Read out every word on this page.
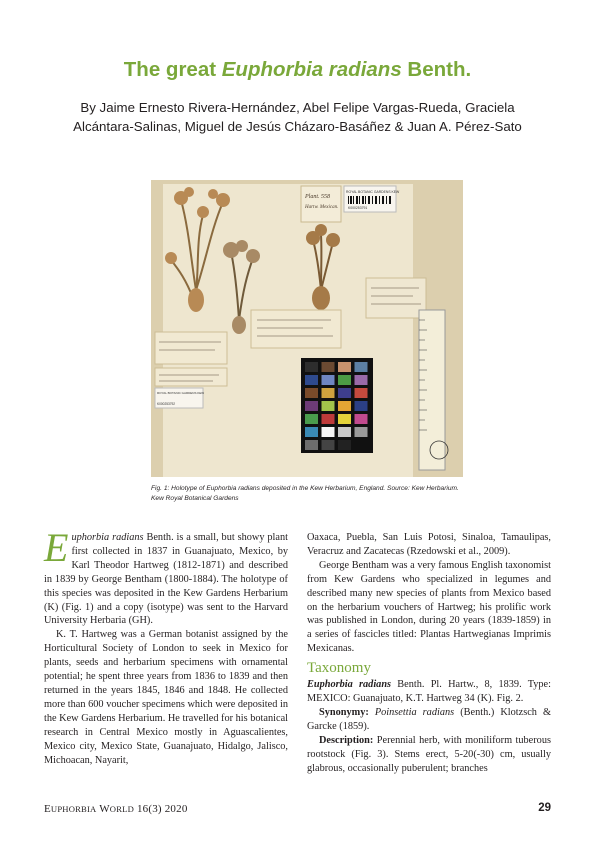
The great Euphorbia radians Benth.
By Jaime Ernesto Rivera-Hernández, Abel Felipe Vargas-Rueda, Graciela Alcántara-Salinas, Miguel de Jesús Cházaro-Basáñez & Juan A. Pérez-Sato
Plant. 558
Hartw. Mexican.
ROYAL BOTANIC GARDENS KEW
K000253791
ROYAL BOTANIC GARDENS KEW
K000253792
Fig. 1: Holotype of Euphorbia radians deposited in the Kew Herbarium, England. Source: Kew Herbarium. Kew Royal Botanical Gardens

Euphorbia radians Benth. is a small, but showy plant first collected in 1837 in Guanajuato, Mexico, by Karl Theodor Hartweg (1812-1871) and described in 1839 by George Bentham (1800-1884). The holotype of this species was deposited in the Kew Gardens Herbarium (K) (Fig. 1) and a copy (isotype) was sent to the Harvard University Herbaria (GH).

K. T. Hartweg was a German botanist assigned by the Horticultural Society of London to seek in Mexico for plants, seeds and herbarium specimens with ornamental potential; he spent three years from 1836 to 1839 and then returned in the years 1845, 1846 and 1848. He collected more than 600 voucher specimens which were deposited in the Kew Gardens Herbarium. He travelled for his botanical research in Central Mexico mostly in Aguascalientes, Mexico city, Mexico State, Guanajuato, Hidalgo, Jalisco, Michoacan, Nayarit,

Oaxaca, Puebla, San Luis Potosi, Sinaloa, Tamaulipas, Veracruz and Zacatecas (Rzedowski et al., 2009).

George Bentham was a very famous English taxonomist from Kew Gardens who specialized in legumes and described many new species of plants from Mexico based on the herbarium vouchers of Hartweg; his prolific work was published in London, during 20 years (1839-1859) in a series of fascicles titled: Plantas Hartwegianas Imprimis Mexicanas.

Taxonomy

Euphorbia radians Benth. Pl. Hartw., 8, 1839. Type: MEXICO: Guanajuato, K.T. Hartweg 34 (K). Fig. 2.

Synonymy: Poinsettia radians (Benth.) Klotzsch & Garcke (1859).

Description: Perennial herb, with moniliform tuberous rootstock (Fig. 3). Stems erect, 5-20(-30) cm, usually glabrous, occasionally puberulent; branches

EUPHORBIA WORLD 16(3) 2020	29
